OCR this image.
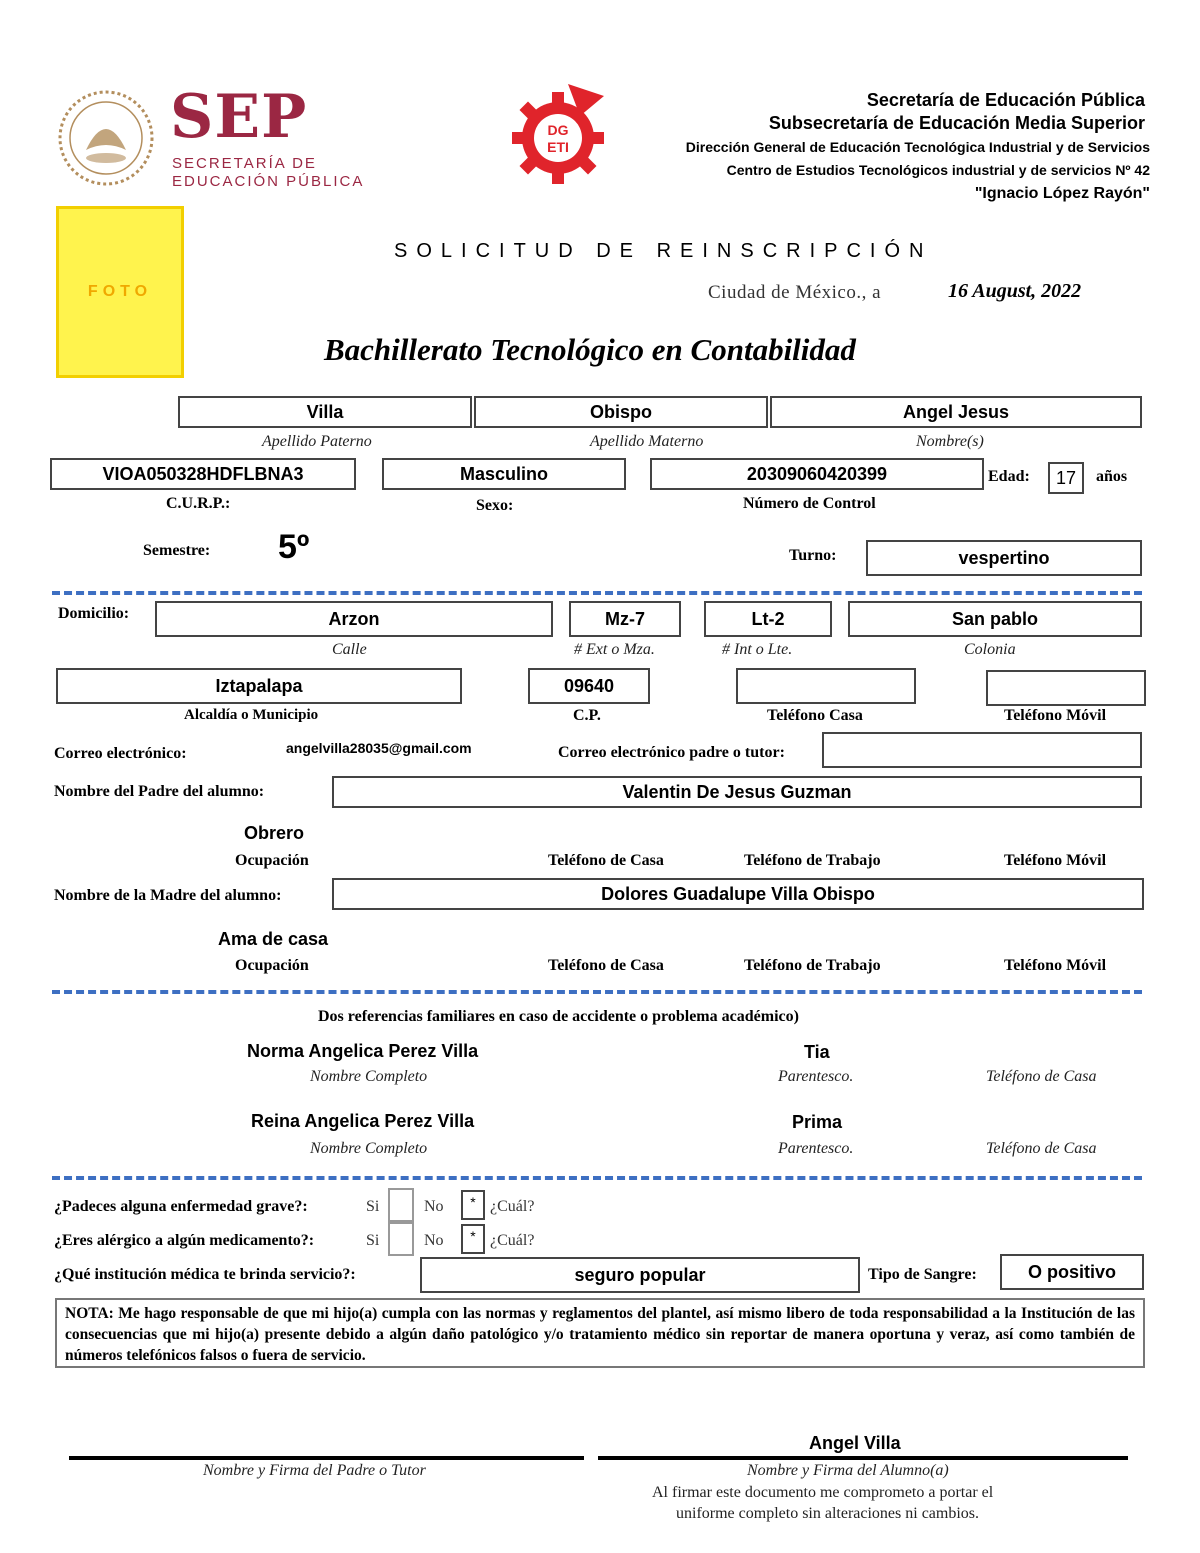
SEP
SECRETARÍA DE
EDUCACIÓN PÚBLICA
DG
ETI
Secretaría de Educación Pública
Subsecretaría de Educación Media Superior
Dirección General de Educación Tecnológica Industrial y de Servicios
Centro de Estudios Tecnológicos industrial y de servicios Nº 42
"Ignacio López Rayón"
FOTO
SOLICITUD DE REINSCRIPCIÓN
Ciudad de México., a	16 August, 2022
Bachillerato Tecnológico en Contabilidad
Villa	Obispo	Angel Jesus
Apellido Paterno	Apellido Materno	Nombre(s)
VIOA050328HDFLBNA3	Masculino	20309060420399	Edad:	17	años
C.U.R.P.:	Sexo:	Número de Control
Semestre: 5º	Turno:	vespertino
Domicilio:	Arzon	Mz-7	Lt-2	San pablo
Calle	# Ext o Mza.	# Int o Lte.	Colonia
Iztapalapa	09640
Alcaldía o Municipio	C.P.	Teléfono Casa	Teléfono Móvil
Correo electrónico:	angelvilla28035@gmail.com	Correo electrónico padre o tutor:
Nombre del Padre del alumno:	Valentin De Jesus Guzman
Obrero
Ocupación	Teléfono de Casa	Teléfono de Trabajo	Teléfono Móvil
Nombre de la Madre del alumno:	Dolores Guadalupe Villa Obispo
Ama de casa
Ocupación	Teléfono de Casa	Teléfono de Trabajo	Teléfono Móvil
Dos referencias familiares en caso de accidente o problema académico)
Norma Angelica Perez Villa	Tia
Nombre Completo	Parentesco.	Teléfono de Casa
Reina Angelica Perez Villa	Prima
Nombre Completo	Parentesco.	Teléfono de Casa
¿Padeces alguna enfermedad grave?:	Si	No	* ¿Cuál?
¿Eres alérgico a algún medicamento?:	Si	No	* ¿Cuál?
¿Qué institución médica te brinda servicio?:	seguro popular	Tipo de Sangre:	O positivo
NOTA: Me hago responsable de que mi hijo(a) cumpla con las normas y reglamentos del plantel, así mismo libero de toda responsabilidad a la Institución de las consecuencias que mi hijo(a) presente debido a algún daño patológico y/o tratamiento médico sin reportar de manera oportuna y veraz, así como también de números telefónicos falsos o fuera de servicio.
Angel Villa
Nombre y Firma del Padre o Tutor	Nombre y Firma del Alumno(a)
Al firmar este documento me comprometo a portar el
uniforme completo sin alteraciones ni cambios.
